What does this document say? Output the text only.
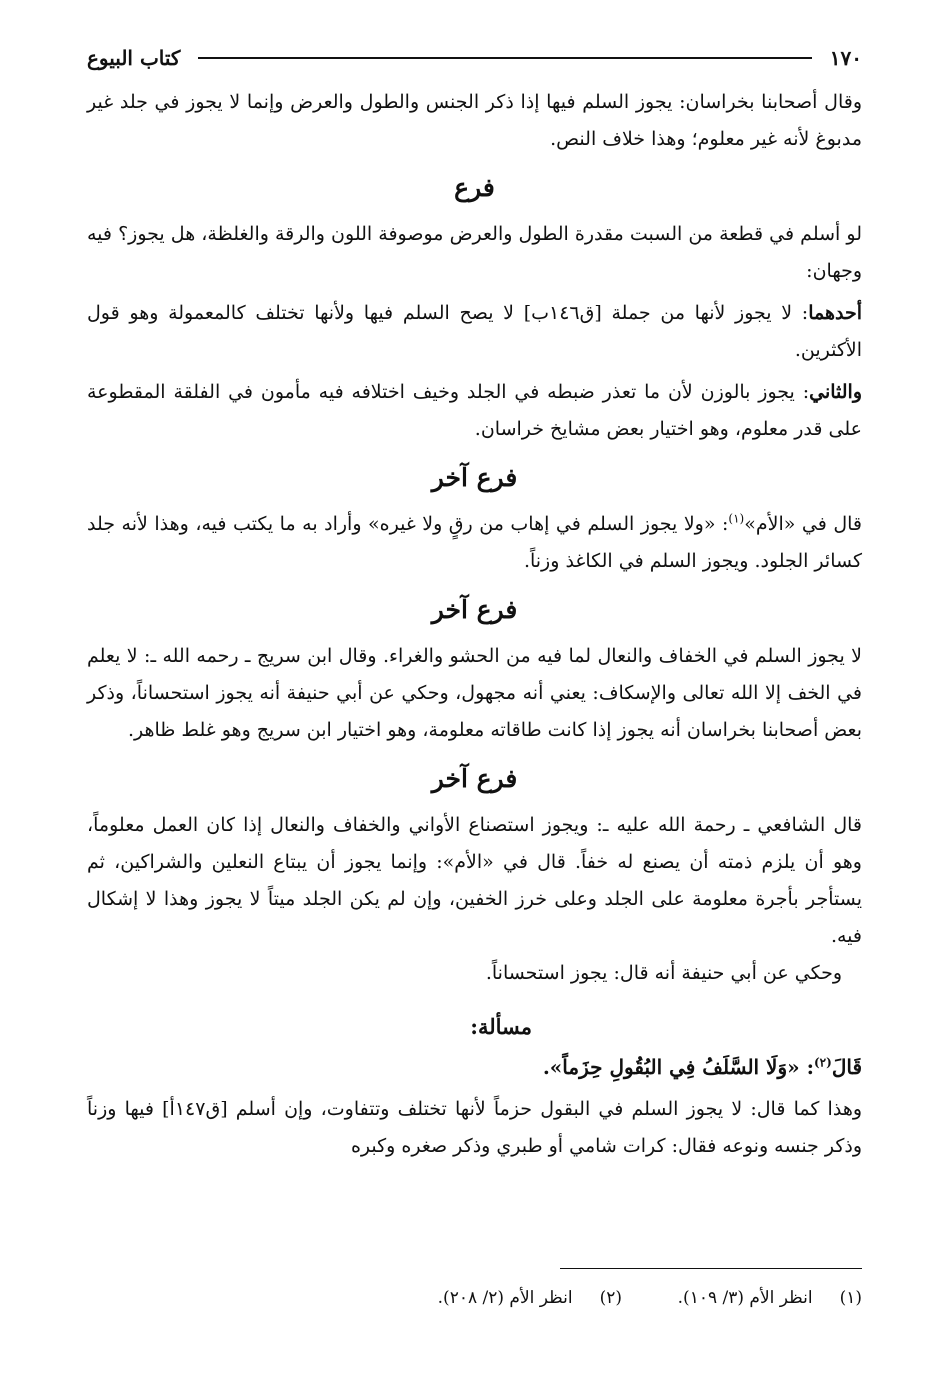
١٧٠
كتاب البيوع

وقال أصحابنا بخراسان: يجوز السلم فيها إذا ذكر الجنس والطول والعرض وإنما لا يجوز في جلد غير مدبوغ لأنه غير معلوم؛ وهذا خلاف النص.

فرع

لو أسلم في قطعة من السبت مقدرة الطول والعرض موصوفة اللون والرقة والغلظة، هل يجوز؟ فيه وجهان:

أحدهما: لا يجوز لأنها من جملة [ق١٤٦ب] لا يصح السلم فيها ولأنها تختلف كالمعمولة وهو قول الأكثرين.

والثاني: يجوز بالوزن لأن ما تعذر ضبطه في الجلد وخيف اختلافه فيه مأمون في الفلقة المقطوعة على قدر معلوم، وهو اختيار بعض مشايخ خراسان.

فرع آخر

قال في «الأم»$^{(١)}$: «ولا يجوز السلم في إهاب من رقٍ ولا غيره» وأراد به ما يكتب فيه، وهذا لأنه جلد كسائر الجلود. ويجوز السلم في الكاغذ وزناً.

فرع آخر

لا يجوز السلم في الخفاف والنعال لما فيه من الحشو والغراء. وقال ابن سريج ـ رحمه الله ـ: لا يعلم في الخف إلا الله تعالى والإسكاف: يعني أنه مجهول، وحكي عن أبي حنيفة أنه يجوز استحساناً، وذكر بعض أصحابنا بخراسان أنه يجوز إذا كانت طاقاته معلومة، وهو اختيار ابن سريج وهو غلط ظاهر.

فرع آخر

قال الشافعي ـ رحمة الله عليه ـ: ويجوز استصناع الأواني والخفاف والنعال إذا كان العمل معلوماً، وهو أن يلزم ذمته أن يصنع له خفاً. قال في «الأم»: وإنما يجوز أن يبتاع النعلين والشراكين، ثم يستأجر بأجرة معلومة على الجلد وعلى خرز الخفين، وإن لم يكن الجلد ميتاً لا يجوز وهذا لا إشكال فيه.

وحكي عن أبي حنيفة أنه قال: يجوز استحساناً.

مسألة:

قَالَ$^{(٢)}$: «وَلَا السَّلَفُ فِي البُقُولِ حِزَماً».

وهذا كما قال: لا يجوز السلم في البقول حزماً لأنها تختلف وتتفاوت، وإن أسلم [ق١٤٧أ] فيها وزناً وذكر جنسه ونوعه فقال: كرات شامي أو طبري وذكر صغره وكبره

(١)     انظر الأم (٣/ ١٠٩).
(٢)     انظر الأم (٢/ ٢٠٨).
